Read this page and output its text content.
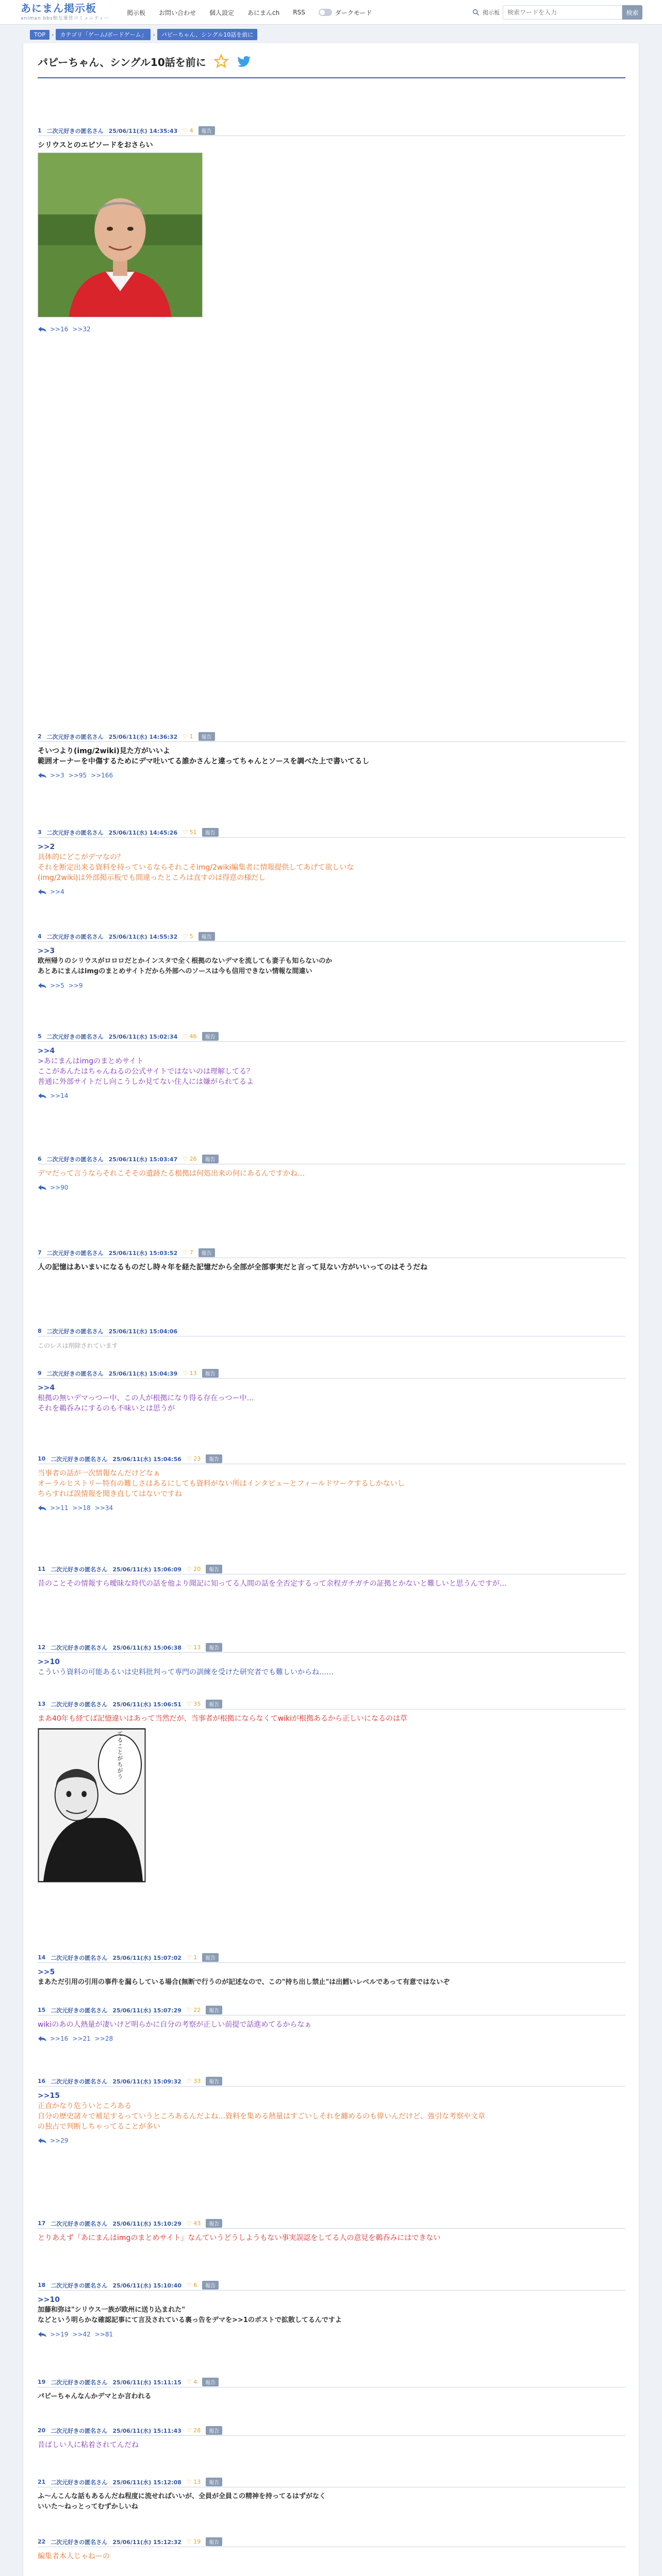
あにまん掲示板
animan bbs相互運営コミュニティー
掲示板 お問い合わせ 個人設定 あにまんch RSS	ダークモード	掲示板
検索ワードを入力	検索
TOP	›	カテゴリ「ゲーム/ボードゲーム」	›	パピーちゃん、シングル10話を前に
パピーちゃん、シングル10話を前に
1 二次元好きの匿名さん 25/06/11(水) 14:35:43 ♡ 4	報告
シリウスとのエピソードをおさらい
>>16 >>32
2 二次元好きの匿名さん 25/06/11(水) 14:36:32 ♡ 1	報告
そいつより(img/2wiki)見た方がいいよ
範囲オーナーを中傷するためにデマ吐いてる誰かさんと違ってちゃんとソースを調べた上で書いてるし
>>3 >>95 >>166
3 二次元好きの匿名さん 25/06/11(水) 14:45:26 ♡ 51	報告
>>2
具体的にどこがデマなの？
それを断定出来る資料を持っているならそれこそimg/2wiki編集者に情報提供してあげて欲しいな
(img/2wiki)は外部掲示板でも間違ったところは直すのは得意の様だし
>>4
4 二次元好きの匿名さん 25/06/11(水) 14:55:32 ♡ 5	報告
>>3
欧州帰りのシリウスがロロロだとかインスタで全く根拠のないデマを流しても妻子も知らないのか
あとあにまんはimgのまとめサイトだから外部へのソースは今も信用できない情報な間違い
>>5 >>9
5 二次元好きの匿名さん 25/06/11(水) 15:02:34 ♡ 46	報告
>>4
>あにまんはimgのまとめサイト
ここがあんたはちゃんねるの公式サイトではないのは理解してる？
普通に外部サイトだし向こうしか見てない住人には嫌がられてるよ
>>14
6 二次元好きの匿名さん 25/06/11(水) 15:03:47 ♡ 26	報告
デマだって言うならそれこそその遺跡たる根拠は何処出来の何にあるんですかね…
>>90
7 二次元好きの匿名さん 25/06/11(水) 15:03:52 ♡ 7	報告
人の記憶はあいまいになるものだし時々年を経た記憶だから全部が全部事実だと言って見ない方がいいってのはそうだね
8 二次元好きの匿名さん 25/06/11(水) 15:04:06
このレスは削除されています
9 二次元好きの匿名さん 25/06/11(水) 15:04:39 ♡ 13	報告
>>4
根拠の無いデマっつー中、この人が根拠になり得る存在っつー中…
それを鵜呑みにするのも不味いとは思うが
10 二次元好きの匿名さん 25/06/11(水) 15:04:56 ♡ 23	報告
当事者の話が一次情報なんだけどなぁ
オーラルヒストリー特有の難しさはあるにしても資料がない所はインタビューとフィールドワークするしかないし
ちらすれば誤情報を聞き直してはないですね
>>11 >>18 >>34
11 二次元好きの匿名さん 25/06/11(水) 15:06:09 ♡ 20	報告
昔のことその情報すら曖昧な時代の話を他より聞記に知ってる人間の話を全否定するって余程ガチガチの証拠とかないと難しいと思うんですが…
12 二次元好きの匿名さん 25/06/11(水) 15:06:38 ♡ 13	報告
>>10
こういう資料の可能あるいは史料批判って専門の訓練を受けた研究者でも難しいからね……
13 二次元好きの匿名さん 25/06/11(水) 15:06:51 ♡ 35	報告
まあ40年も経てば記憶違いはあって当然だが、当事者が根拠にならなくてwikiが根拠あるから正しいになるのは草
言ってることがちがう
14 二次元好きの匿名さん 25/06/11(水) 15:07:02 ♡ 1	報告
>>5
まあただ引用の引用の事件を漏らしている場合(無断で行うのが記述なので、この"持ち出し禁止"は出鱈いレベルであって有意ではないぞ
15 二次元好きの匿名さん 25/06/11(水) 15:07:29 ♡ 22	報告
wikiのあの人熱量が凄いけど明らかに自分の考察が正しい前提で話進めてるからなぁ
>>16 >>21 >>28
16 二次元好きの匿名さん 25/06/11(水) 15:09:32 ♡ 33	報告
>>15
正直かなり危ういところある
自分の歴史諸々で補足するっていうところあるんだよね…資料を集める熱量はすごいしそれを纏めるのも偉いんだけど、強引な考察や文章
の独占で判断しちゃってることが多い
>>29
17 二次元好きの匿名さん 25/06/11(水) 15:10:29 ♡ 43	報告
とりあえず「あにまんはimgのまとめサイト」なんていうどうしようもない事実誤認をしてる人の意見を鵜呑みにはできない
18 二次元好きの匿名さん 25/06/11(水) 15:10:40 ♡ 6	報告
>>10
加藤和弥は"シリウス一族が欧州に送り込まれた"
などという明らかな確認記事にて言及されている裏っ告をデマを>>1のポストで拡散してるんですよ
>>19 >>42 >>81
19 二次元好きの匿名さん 25/06/11(水) 15:11:15 ♡ 4	報告
パピーちゃんなんかデマとか言われる
20 二次元好きの匿名さん 25/06/11(水) 15:11:43 ♡ 28	報告
昔ばしい人に粘着されてんだね
21 二次元好きの匿名さん 25/06/11(水) 15:12:08 ♡ 13	報告
ふ〜んこんな話もあるんだね程度に流せればいいが、全員が全員この精神を持ってるはずがなく
いいた〜ねっとってむずかしいね
22 二次元好きの匿名さん 25/06/11(水) 15:12:32 ♡ 19	報告
編集者本人じゃねーの
